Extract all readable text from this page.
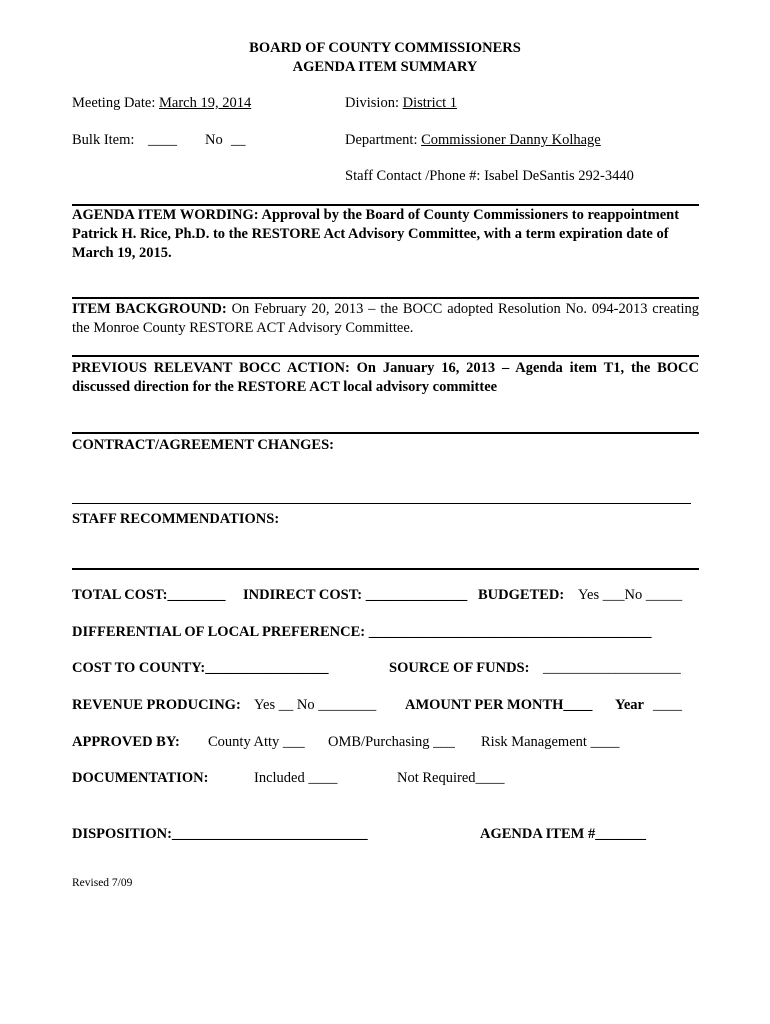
BOARD OF COUNTY COMMISSIONERS
AGENDA ITEM SUMMARY
Meeting Date: March 19, 2014	Division: District 1
Bulk Item: ____ No __	Department: Commissioner Danny Kolhage
Staff Contact /Phone #: Isabel DeSantis 292-3440
AGENDA ITEM WORDING: Approval by the Board of County Commissioners to reappointment Patrick H. Rice, Ph.D. to the RESTORE Act Advisory Committee, with a term expiration date of March 19, 2015.
ITEM BACKGROUND: On February 20, 2013 – the BOCC adopted Resolution No. 094-2013 creating the Monroe County RESTORE ACT Advisory Committee.
PREVIOUS RELEVANT BOCC ACTION: On January 16, 2013 – Agenda item T1, the BOCC discussed direction for the RESTORE ACT local advisory committee
CONTRACT/AGREEMENT CHANGES:
STAFF RECOMMENDATIONS:
TOTAL COST:________ INDIRECT COST: ______________ BUDGETED: Yes ___No _____
DIFFERENTIAL OF LOCAL PREFERENCE: _______________________________________
COST TO COUNTY:_________________	SOURCE OF FUNDS: ___________________
REVENUE PRODUCING: Yes __ No ________ AMOUNT PER MONTH____ Year ____
APPROVED BY: County Atty ___ OMB/Purchasing ___ Risk Management ____
DOCUMENTATION:	Included ____	Not Required____
DISPOSITION:___________________________	AGENDA ITEM #_______
Revised 7/09
